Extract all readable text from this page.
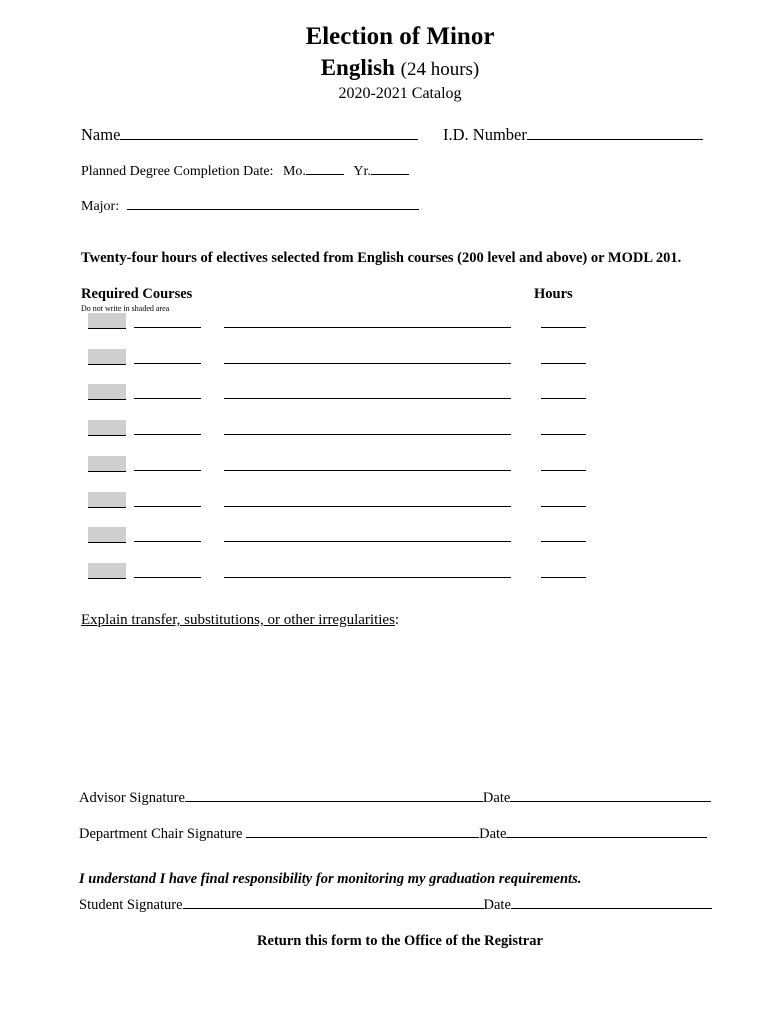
Election of Minor
English (24 hours)
2020-2021 Catalog
Name	I.D. Number
Planned Degree Completion Date: Mo.	Yr.
Major:
Twenty-four hours of electives selected from English courses (200 level and above) or MODL 201.
Required Courses	Hours
Do not write in shaded area
Explain transfer, substitutions, or other irregularities:
Advisor Signature	Date
Department Chair Signature	Date
I understand I have final responsibility for monitoring my graduation requirements.
Student Signature	Date
Return this form to the Office of the Registrar
